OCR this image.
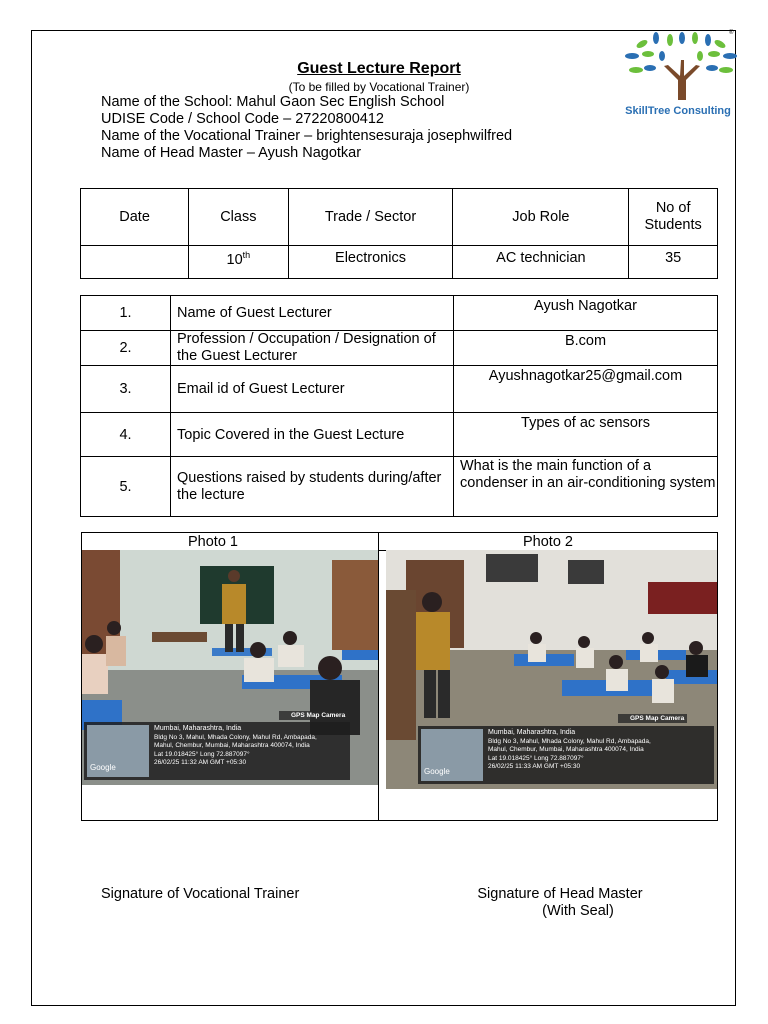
®
SkillTree Consulting
Guest Lecture Report
(To be filled by Vocational Trainer)
Name of the School: Mahul Gaon Sec English School
UDISE Code / School Code – 27220800412
Name of the Vocational Trainer – brightensesuraja josephwilfred
Name of Head Master – Ayush Nagotkar
Date	Class	Trade / Sector	Job Role	No of Students
	10th	Electronics	AC technician	35
1.	Name of Guest Lecturer	Ayush Nagotkar
2.	Profession / Occupation / Designation of the Guest Lecturer	B.com
3.	Email id of Guest Lecturer	Ayushnagotkar25@gmail.com
4.	Topic Covered in the Guest Lecture	Types of ac sensors
5.	Questions raised by students during/after the lecture	What is the main function of a condenser in an air-conditioning system
Photo 1	Photo 2
GPS Map Camera
Mumbai, Maharashtra, India
Bldg No 3, Mahul, Mhada Colony, Mahul Rd, Ambapada,
Mahul, Chembur, Mumbai, Maharashtra 400074, India
Lat 19.018425° Long 72.887097°
26/02/25 11:32 AM GMT +05:30
Google
GPS Map Camera
Mumbai, Maharashtra, India
Bldg No 3, Mahul, Mhada Colony, Mahul Rd, Ambapada,
Mahul, Chembur, Mumbai, Maharashtra 400074, India
Lat 19.018425° Long 72.887097°
26/02/25 11:33 AM GMT +05:30
Google
Signature of Vocational Trainer	Signature of Head Master
(With Seal)
